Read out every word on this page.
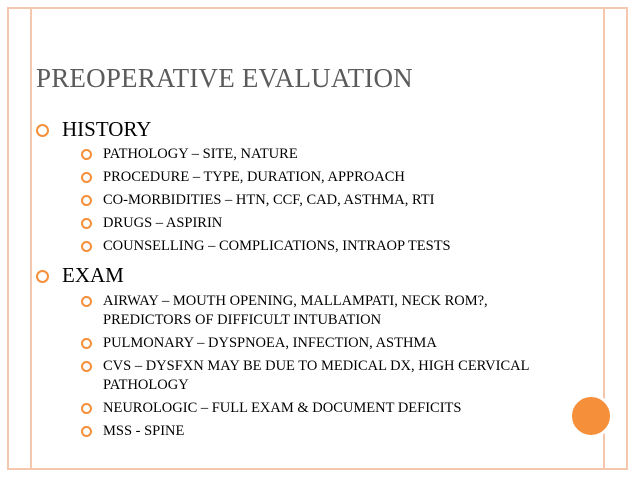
PREOPERATIVE EVALUATION
HISTORY
PATHOLOGY – SITE, NATURE
PROCEDURE – TYPE, DURATION, APPROACH
CO-MORBIDITIES – HTN, CCF, CAD, ASTHMA, RTI
DRUGS – ASPIRIN
COUNSELLING – COMPLICATIONS, INTRAOP TESTS
EXAM
AIRWAY – MOUTH OPENING, MALLAMPATI, NECK ROM?, PREDICTORS OF DIFFICULT INTUBATION
PULMONARY – DYSPNOEA, INFECTION, ASTHMA
CVS – DYSFXN MAY BE DUE TO MEDICAL DX, HIGH CERVICAL PATHOLOGY
NEUROLOGIC – FULL EXAM & DOCUMENT DEFICITS
MSS - SPINE
